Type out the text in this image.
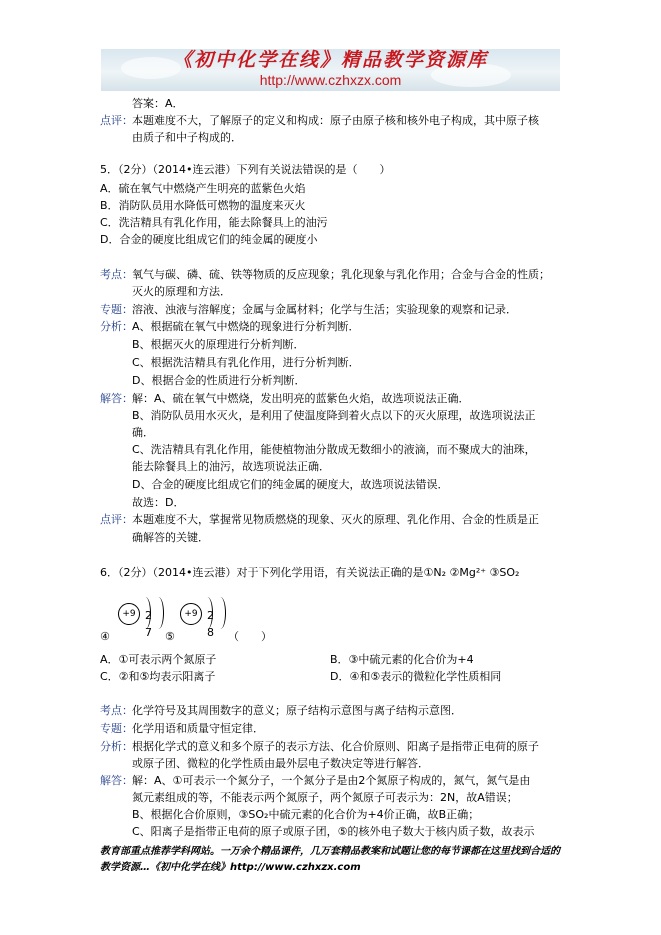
《初中化学在线》精品教学资源库
http://www.czhxzx.com
答案：A．
点评： 本题难度不大，了解原子的定义和构成：原子由原子核和核外电子构成，其中原子核
由质子和中子构成的．
5．（2分）（2014•连云港）下列有关说法错误的是（　　）
A．硫在氧气中燃烧产生明亮的蓝紫色火焰
B．消防队员用水降低可燃物的温度来灭火
C．洗洁精具有乳化作用，能去除餐具上的油污
D．合金的硬度比组成它们的纯金属的硬度小
考点： 氧气与碳、磷、硫、铁等物质的反应现象；乳化现象与乳化作用；合金与合金的性质；
灭火的原理和方法．
专题： 溶液、浊液与溶解度；金属与金属材料；化学与生活；实验现象的观察和记录．
分析： A、根据硫在氧气中燃烧的现象进行分析判断．
B、根据灭火的原理进行分析判断．
C、根据洗洁精具有乳化作用，进行分析判断．
D、根据合金的性质进行分析判断．
解答： 解：A、硫在氧气中燃烧，发出明亮的蓝紫色火焰，故选项说法正确．
B、消防队员用水灭火，是利用了使温度降到着火点以下的灭火原理，故选项说法正
确．
C、洗洁精具有乳化作用，能使植物油分散成无数细小的液滴，而不聚成大的油珠，
能去除餐具上的油污，故选项说法正确．
D、合金的硬度比组成它们的纯金属的硬度大，故选项说法错误．
故选：D．
点评： 本题难度不大，掌握常见物质燃烧的现象、灭火的原理、乳化作用、合金的性质是正
确解答的关键．
6．（2分）（2014•连云港）对于下列化学用语，有关说法正确的是①N₂ ②Mg²⁺ ③SO₂
+9 2 7
+9 2 8
④	⑤	（　　）
A．①可表示两个氮原子	B．③中硫元素的化合价为+4
C．②和⑤均表示阳离子	D．④和⑤表示的微粒化学性质相同
考点： 化学符号及其周围数字的意义；原子结构示意图与离子结构示意图．
专题： 化学用语和质量守恒定律．
分析： 根据化学式的意义和多个原子的表示方法、化合价原则、阳离子是指带正电荷的原子
或原子团、微粒的化学性质由最外层电子数决定等进行解答．
解答： 解：A、①可表示一个氮分子，一个氮分子是由2个氮原子构成的，氮气，氮气是由
氮元素组成的等，不能表示两个氮原子，两个氮原子可表示为：2N，故A错误；
B、根据化合价原则，③SO₂中硫元素的化合价为+4价正确，故B正确；
C、阳离子是指带正电荷的原子或原子团，⑤的核外电子数大于核内质子数，故表示
教育部重点推荐学科网站。一万余个精品课件，几万套精品教案和试题让您的每节课都在这里找到合适的
教学资源…《初中化学在线》http://www.czhxzx.com
